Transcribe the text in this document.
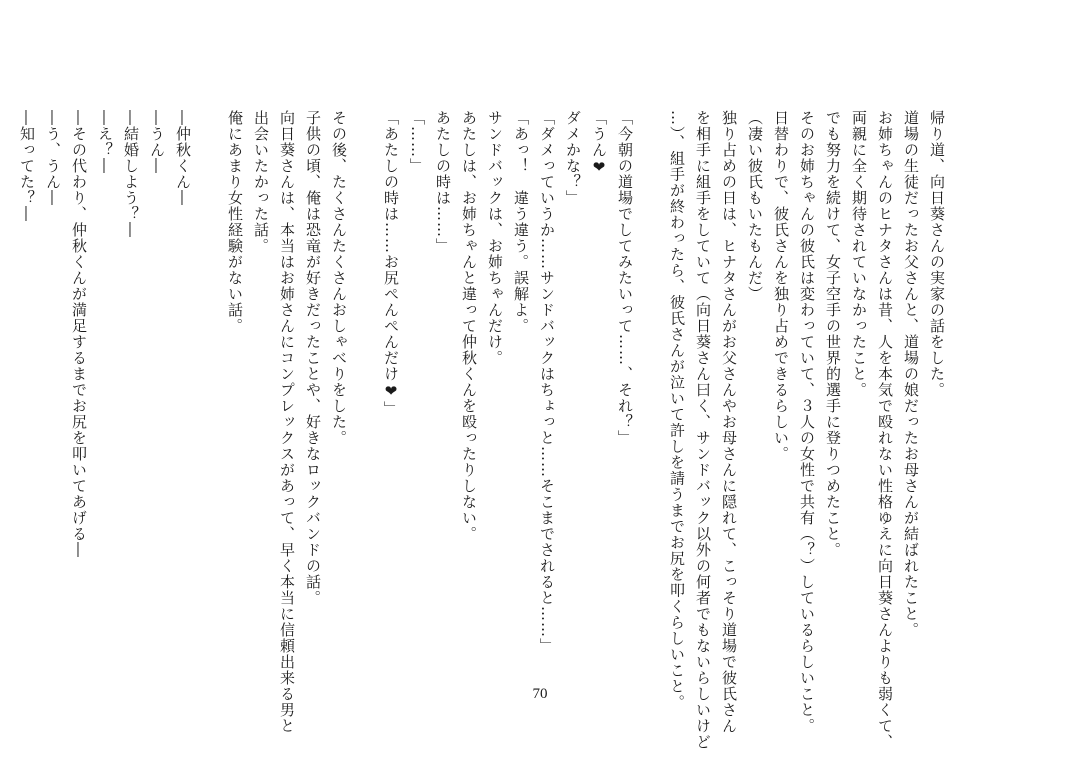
帰り道、向日葵さんの実家の話をした。
道場の生徒だったお父さんと、道場の娘だったお母さんが結ばれたこと。
お姉ちゃんのヒナタさんは昔、人を本気で殴れない性格ゆえに向日葵さんよりも弱くて、
両親に全く期待されていなかったこと。
でも努力を続けて、女子空手の世界的選手に登りつめたこと。
そのお姉ちゃんの彼氏は変わっていて、３人の女性で共有（？）しているらしいこと。
日替わりで、彼氏さんを独り占めできるらしい。
（凄い彼氏もいたもんだ）
独り占めの日は、ヒナタさんがお父さんやお母さんに隠れて、こっそり道場で彼氏さん
を相手に組手をしていて（向日葵さん曰く、サンドバック以外の何者でもないらしいけど
…）、組手が終わったら、彼氏さんが泣いて許しを請うまでお尻を叩くらしいこと。
「今朝の道場でしてみたいって……、それ？」
「うん❤
ダメかな？」
「ダメっていうか……サンドバックはちょっと……そこまでされると……」
「あっ！　違う違う。誤解よ。
サンドバックは、お姉ちゃんだけ。
あたしは、お姉ちゃんと違って仲秋くんを殴ったりしない。
あたしの時は……」
「……」
「あたしの時は……お尻ぺんぺんだけ❤」
その後、たくさんたくさんおしゃべりをした。
子供の頃、俺は恐竜が好きだったことや、好きなロックバンドの話。
向日葵さんは、本当はお姉さんにコンプレックスがあって、早く本当に信頼出来る男と
出会いたかった話。
俺にあまり女性経験がない話。
―仲秋くん―
―うん―
―結婚しよう？―
―え？―
―その代わり、仲秋くんが満足するまでお尻を叩いてあげる―
―う、うん―
―知ってた？―
70
